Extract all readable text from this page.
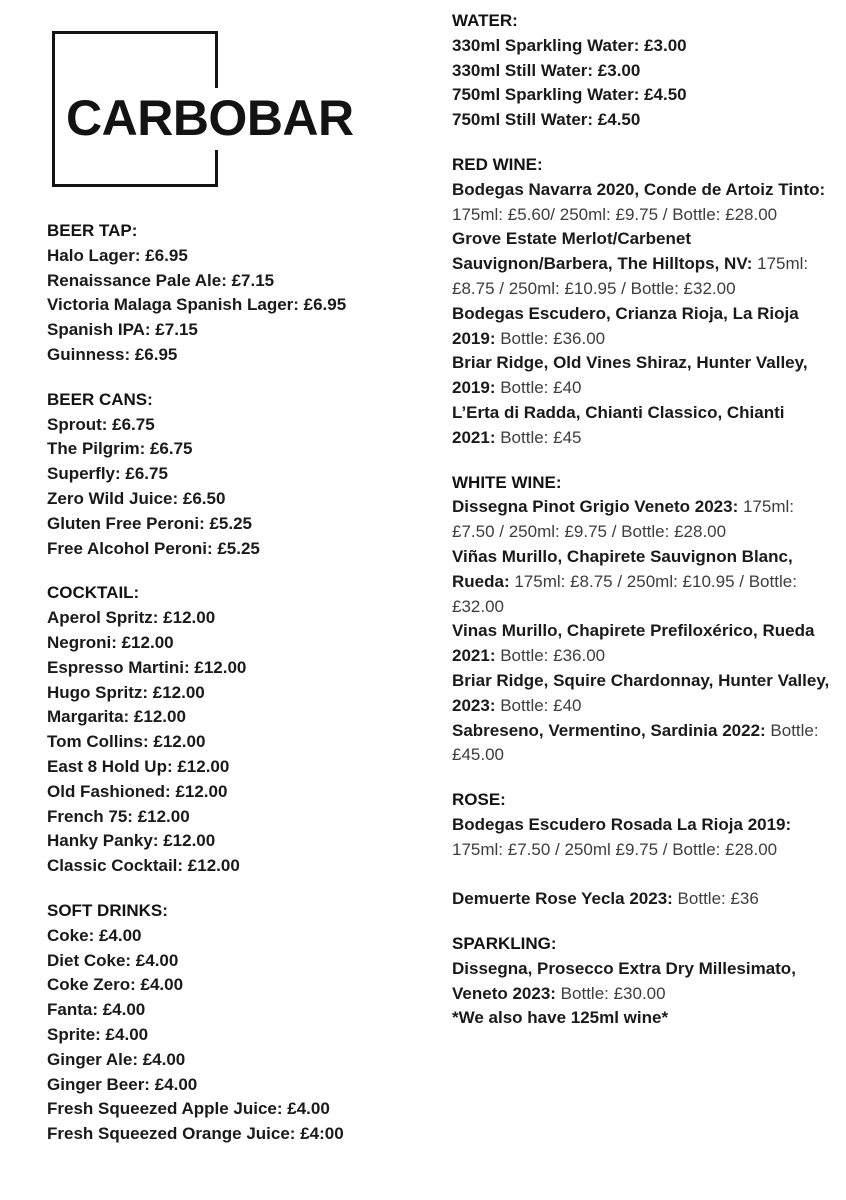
CARBOBAR
BEER TAP:
Halo Lager: £6.95
Renaissance Pale Ale: £7.15
Victoria Malaga Spanish Lager: £6.95
Spanish IPA: £7.15
Guinness: £6.95
BEER CANS:
Sprout: £6.75
The Pilgrim: £6.75
Superfly: £6.75
Zero Wild Juice: £6.50
Gluten Free Peroni: £5.25
Free Alcohol Peroni: £5.25
COCKTAIL:
Aperol Spritz: £12.00
Negroni: £12.00
Espresso Martini: £12.00
Hugo Spritz: £12.00
Margarita: £12.00
Tom Collins: £12.00
East 8 Hold Up: £12.00
Old Fashioned: £12.00
French 75: £12.00
Hanky Panky: £12.00
Classic Cocktail: £12.00
SOFT DRINKS:
Coke: £4.00
Diet Coke: £4.00
Coke Zero: £4.00
Fanta: £4.00
Sprite: £4.00
Ginger Ale: £4.00
Ginger Beer: £4.00
Fresh Squeezed Apple Juice: £4.00
Fresh Squeezed Orange Juice: £4:00
WATER:
330ml Sparkling Water: £3.00
330ml Still Water: £3.00
750ml Sparkling Water: £4.50
750ml Still Water: £4.50
RED WINE:
Bodegas Navarra 2020, Conde de Artoiz Tinto: 175ml: £5.60/ 250ml: £9.75 / Bottle: £28.00
Grove Estate Merlot/Carbenet Sauvignon/Barbera, The Hilltops, NV: 175ml: £8.75 / 250ml: £10.95 / Bottle: £32.00
Bodegas Escudero, Crianza Rioja, La Rioja 2019: Bottle: £36.00
Briar Ridge, Old Vines Shiraz, Hunter Valley, 2019: Bottle: £40
L’Erta di Radda, Chianti Classico, Chianti 2021: Bottle: £45
WHITE WINE:
Dissegna Pinot Grigio Veneto 2023: 175ml: £7.50 / 250ml: £9.75 / Bottle: £28.00
Viñas Murillo, Chapirete Sauvignon Blanc, Rueda: 175ml: £8.75 / 250ml: £10.95 / Bottle: £32.00
Vinas Murillo, Chapirete Prefiloxérico, Rueda 2021: Bottle: £36.00
Briar Ridge, Squire Chardonnay, Hunter Valley, 2023: Bottle: £40
Sabreseno, Vermentino, Sardinia 2022: Bottle:£45.00
ROSE:
Bodegas Escudero Rosada La Rioja 2019: 175ml: £7.50 / 250ml £9.75 / Bottle: £28.00
Demuerte Rose Yecla 2023: Bottle: £36
SPARKLING:
Dissegna, Prosecco Extra Dry Millesimato, Veneto 2023: Bottle: £30.00
*We also have 125ml wine*
